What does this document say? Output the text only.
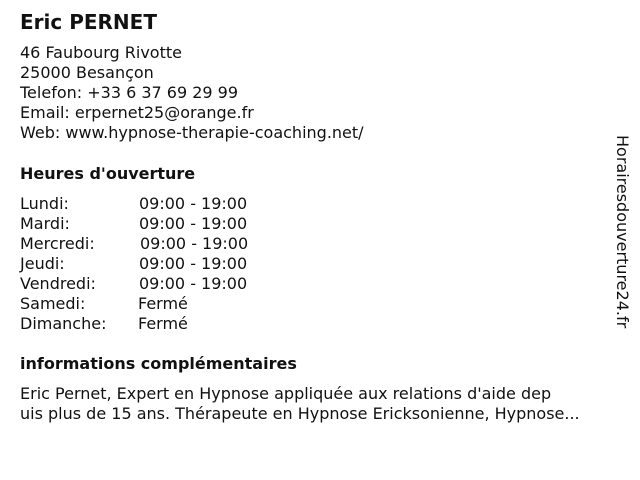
Eric PERNET
46 Faubourg Rivotte
25000 Besançon
Telefon: +33 6 37 69 29 99
Email: erpernet25@orange.fr
Web: www.hypnose-therapie-coaching.net/
Heures d'ouverture
Lundi:	09:00 - 19:00
Mardi:	09:00 - 19:00
Mercredi:	09:00 - 19:00
Jeudi:	09:00 - 19:00
Vendredi:	09:00 - 19:00
Samedi:	Fermé
Dimanche: Fermé
informations complémentaires
Eric Pernet, Expert en Hypnose appliquée aux relations d'aide dep
uis plus de 15 ans. Thérapeute en Hypnose Ericksonienne, Hypnose...
Horairesdouverture24.fr
